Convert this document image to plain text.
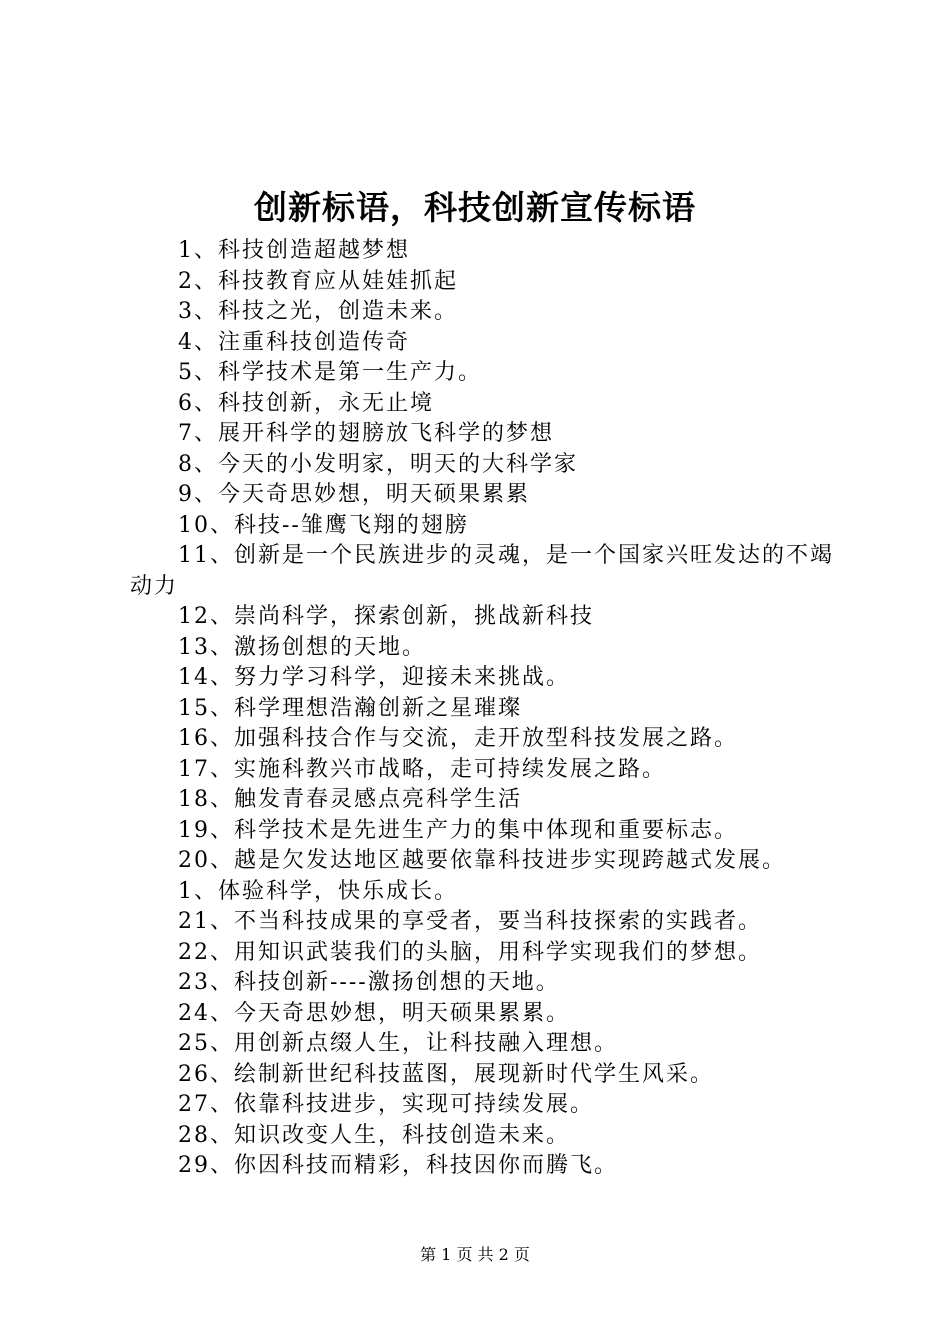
创新标语，科技创新宣传标语
1、科技创造超越梦想
2、科技教育应从娃娃抓起
3、科技之光，创造未来。
4、注重科技创造传奇
5、科学技术是第一生产力。
6、科技创新，永无止境
7、展开科学的翅膀放飞科学的梦想
8、今天的小发明家，明天的大科学家
9、今天奇思妙想，明天硕果累累
10、科技--雏鹰飞翔的翅膀
11、创新是一个民族进步的灵魂，是一个国家兴旺发达的不竭动力
12、崇尚科学，探索创新，挑战新科技
13、激扬创想的天地。
14、努力学习科学，迎接未来挑战。
15、科学理想浩瀚创新之星璀璨
16、加强科技合作与交流，走开放型科技发展之路。
17、实施科教兴市战略，走可持续发展之路。
18、触发青春灵感点亮科学生活
19、科学技术是先进生产力的集中体现和重要标志。
20、越是欠发达地区越要依靠科技进步实现跨越式发展。
1、体验科学，快乐成长。
21、不当科技成果的享受者，要当科技探索的实践者。
22、用知识武装我们的头脑，用科学实现我们的梦想。
23、科技创新----激扬创想的天地。
24、今天奇思妙想，明天硕果累累。
25、用创新点缀人生，让科技融入理想。
26、绘制新世纪科技蓝图，展现新时代学生风采。
27、依靠科技进步，实现可持续发展。
28、知识改变人生，科技创造未来。
29、你因科技而精彩，科技因你而腾飞。
第 1 页 共 2 页
